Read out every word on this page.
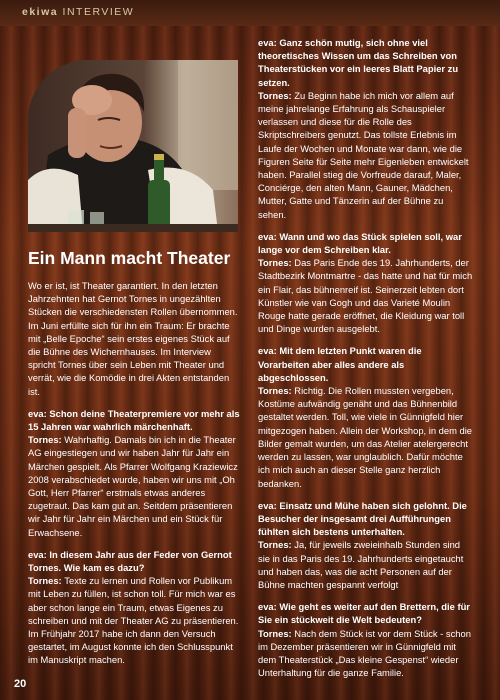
ekiwa INTERVIEW
Ein Mann macht Theater

Wo er ist, ist Theater garantiert. In den letzten Jahrzehnten hat Gernot Tornes in ungezählten Stücken die verschiedensten Rollen übernommen. Im Juni erfüllte sich für ihn ein Traum: Er brachte mit „Belle Epoche“ sein erstes eigenes Stück auf die Bühne des Wichernhauses. Im Interview spricht Tornes über sein Leben mit Theater und verrät, wie die Komödie in drei Akten entstanden ist.

eva: Schon deine Theaterpremiere vor mehr als 15 Jahren war wahrlich märchenhaft.
Tornes: Wahrhaftig. Damals bin ich in die Theater AG eingestiegen und wir haben Jahr für Jahr ein Märchen gespielt. Als Pfarrer Wolfgang Kraziewicz 2008 verabschiedet wurde, haben wir uns mit „Oh Gott, Herr Pfarrer“ erstmals etwas anderes zugetraut. Das kam gut an. Seitdem präsentieren wir Jahr für Jahr ein Märchen und ein Stück für Erwachsene.

eva: In diesem Jahr aus der Feder von Gernot Tornes. Wie kam es dazu?
Tornes: Texte zu lernen und Rollen vor Publikum mit Leben zu füllen, ist schon toll. Für mich war es aber schon lange ein Traum, etwas Eigenes zu schreiben und mit der Theater AG zu präsentieren. Im Frühjahr 2017 habe ich dann den Versuch gestartet, im August konnte ich den Schlusspunkt im Manuskript machen.

eva: Ganz schön mutig, sich ohne viel theoretisches Wissen um das Schreiben von Theaterstücken vor ein leeres Blatt Papier zu setzen.
Tornes: Zu Beginn habe ich mich vor allem auf meine jahrelange Erfahrung als Schauspieler verlassen und diese für die Rolle des Skriptschreibers genutzt. Das tollste Erlebnis im Laufe der Wochen und Monate war dann, wie die Figuren Seite für Seite mehr Eigenleben entwickelt haben. Parallel stieg die Vorfreude darauf, Maler, Conciérge, den alten Mann, Gauner, Mädchen, Mutter, Gatte und Tänzerin auf der Bühne zu sehen.

eva: Wann und wo das Stück spielen soll, war lange vor dem Schreiben klar.
Tornes: Das Paris Ende des 19. Jahrhunderts, der Stadtbezirk Montmartre - das hatte und hat für mich ein Flair, das bühnenreif ist. Seinerzeit lebten dort Künstler wie van Gogh und das Varieté Moulin Rouge hatte gerade eröffnet, die Kleidung war toll und Dinge wurden ausgelebt.

eva: Mit dem letzten Punkt waren die Vorarbeiten aber alles andere als abgeschlossen.
Tornes: Richtig. Die Rollen mussten vergeben, Kostüme aufwändig genäht und das Bühnenbild gestaltet werden. Toll, wie viele in Günnigfeld hier mitgezogen haben. Allein der Workshop, in dem die Bilder gemalt wurden, um das Atelier atelergerecht werden zu lassen, war unglaublich. Dafür möchte ich mich auch an dieser Stelle ganz herzlich bedanken.

eva: Einsatz und Mühe haben sich gelohnt. Die Besucher der insgesamt drei Aufführungen fühlten sich bestens unterhalten.
Tornes: Ja, für jeweils zweieinhalb Stunden sind sie in das Paris des 19. Jahrhunderts eingetaucht und haben das, was die acht Personen auf der Bühne machten gespannt verfolgt

eva: Wie geht es weiter auf den Brettern, die für Sie ein stückweit die Welt bedeuten?
Tornes: Nach dem Stück ist vor dem Stück - schon im Dezember präsentieren wir in Günnigfeld mit dem Theaterstück „Das kleine Gespenst“ wieder Unterhaltung für die ganze Familie.

20
